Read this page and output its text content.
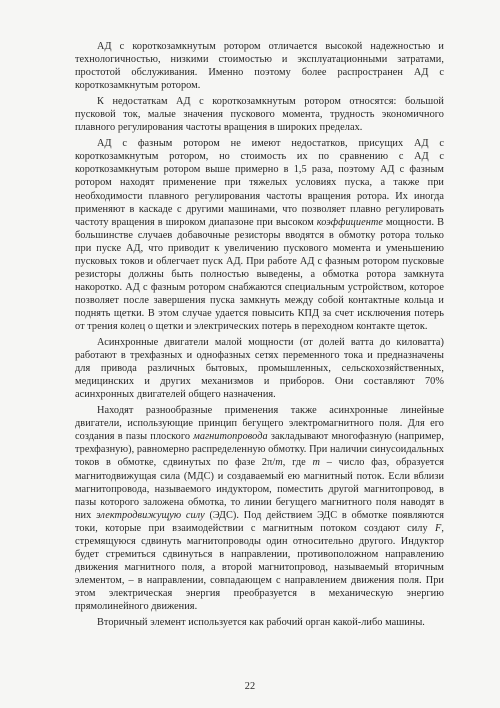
АД с короткозамкнутым ротором отличается высокой надежностью и технологичностью, низкими стоимостью и эксплуатационными затратами, простотой обслуживания. Именно поэтому более распространен АД с короткозамкнутым ротором.

К недостаткам АД с короткозамкнутым ротором относятся: большой пусковой ток, малые значения пускового момента, трудность экономичного плавного регулирования частоты вращения в широких пределах.

АД с фазным ротором не имеют недостатков, присущих АД с короткозамкнутым ротором, но стоимость их по сравнению с АД с короткозамкнутым ротором выше примерно в 1,5 раза, поэтому АД с фазным ротором находят применение при тяжелых условиях пуска, а также при необходимости плавного регулирования частоты вращения ротора. Их иногда применяют в каскаде с другими машинами, что позволяет плавно регулировать частоту вращения в широком диапазоне при высоком коэффициенте мощности. В большинстве случаев добавочные резисторы вводятся в обмотку ротора только при пуске АД, что приводит к увеличению пускового момента и уменьшению пусковых токов и облегчает пуск АД. При работе АД с фазным ротором пусковые резисторы должны быть полностью выведены, а обмотка ротора замкнута накоротко. АД с фазным ротором снабжаются специальным устройством, которое позволяет после завершения пуска замкнуть между собой контактные кольца и поднять щетки. В этом случае удается повысить КПД за счет исключения потерь от трения колец о щетки и электрических потерь в переходном контакте щеток.

Асинхронные двигатели малой мощности (от долей ватта до киловатта) работают в трехфазных и однофазных сетях переменного тока и предназначены для привода различных бытовых, промышленных, сельскохозяйственных, медицинских и других механизмов и приборов. Они составляют 70% асинхронных двигателей общего назначения.

Находят разнообразные применения также асинхронные линейные двигатели, использующие принцип бегущего электромагнитного поля. Для его создания в пазы плоского магнитопровода закладывают многофазную (например, трехфазную), равномерно распределенную обмотку. При наличии синусоидальных токов в обмотке, сдвинутых по фазе 2π/m, где m – число фаз, образуется магнитодвижущая сила (МДС) и создаваемый ею магнитный поток. Если вблизи магнитопровода, называемого индуктором, поместить другой магнитопровод, в пазы которого заложена обмотка, то линии бегущего магнитного поля наводят в них электродвижущую силу (ЭДС). Под действием ЭДС в обмотке появляются токи, которые при взаимодействии с магнитным потоком создают силу F, стремящуюся сдвинуть магнитопроводы один относительно другого. Индуктор будет стремиться сдвинуться в направлении, противоположном направлению движения магнитного поля, а второй магнитопровод, называемый вторичным элементом, – в направлении, совпадающем с направлением движения поля. При этом электрическая энергия преобразуется в механическую энергию прямолинейного движения.

Вторичный элемент используется как рабочий орган какой-либо машины.

22
